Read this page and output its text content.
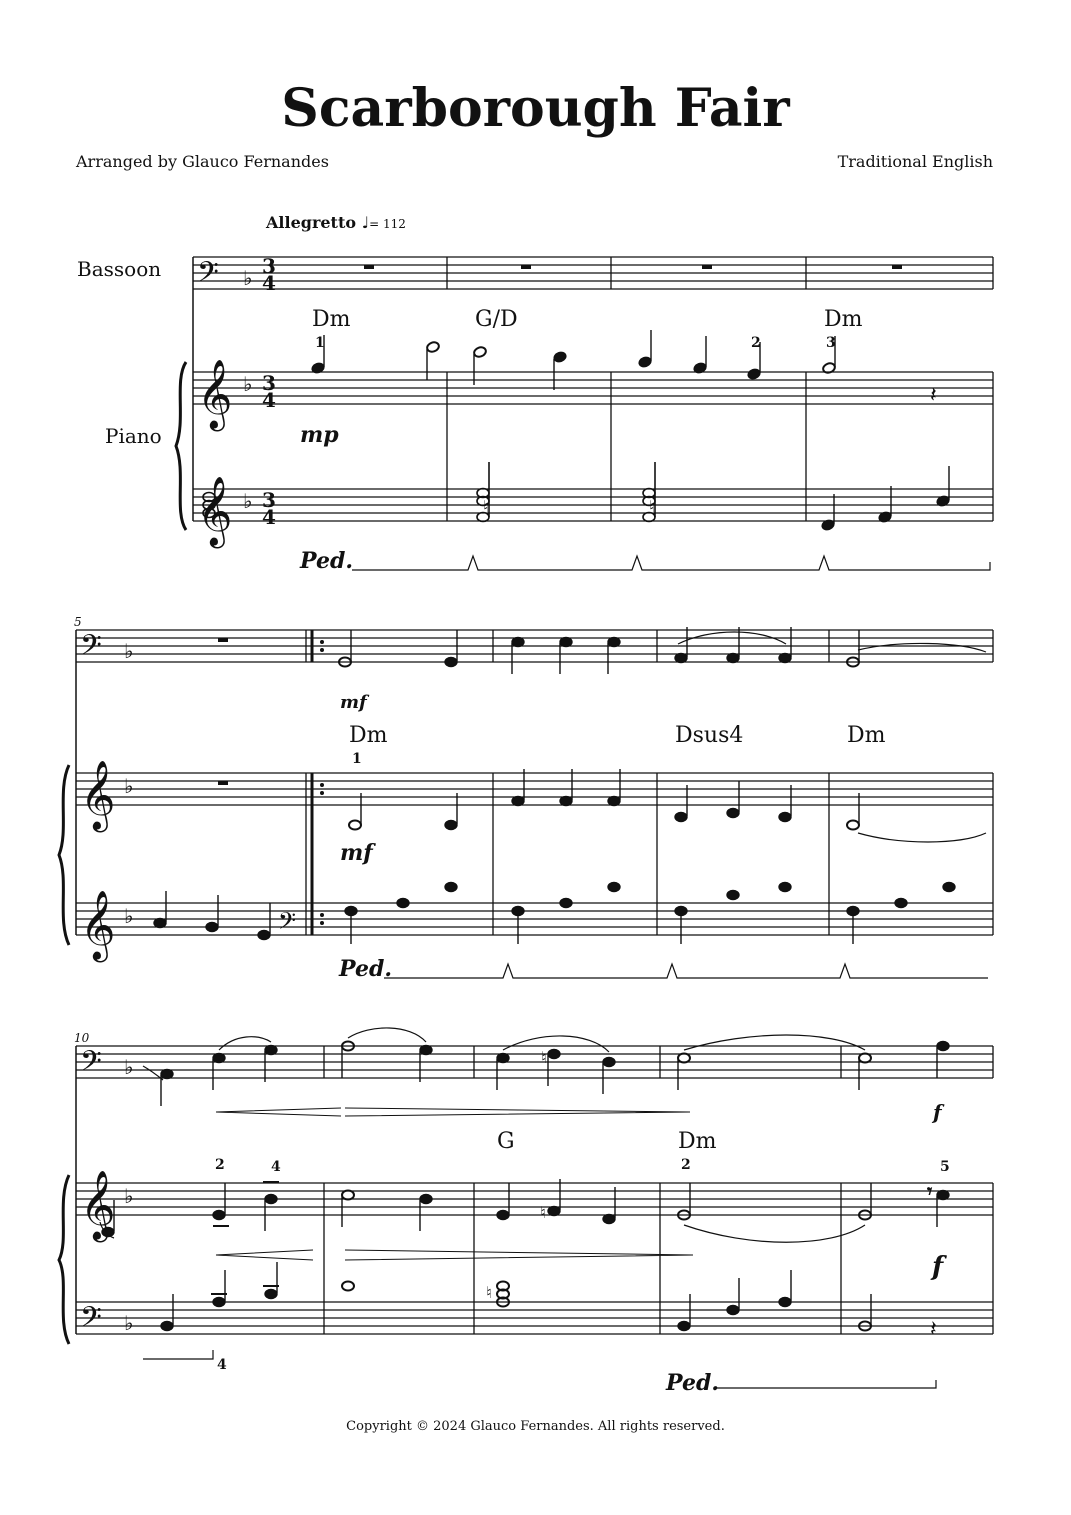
Scarborough Fair
Arranged by Glauco Fernandes	Traditional English
Allegretto ♩= 112
Bassoon
Piano
Copyright © 2024 Glauco Fernandes. All rights reserved.
𝄢 ♭ 3
4
𝄞 ♭ 3
4
𝄞 ♭ 3
4
𝄢 ♭
𝄞 ♭
𝄞 ♭	𝄢
𝄢 ♭
𝄞 ♭
𝄢 ♭
♮	♮
♮
♮
♮
𝄾
𝄽
𝄽
Dm	G/D	Dm
Dm	Dsus4	Dm
G	Dm
1	2	3
1
2	4	2	5
4
mp
mf
mf
f
f
Ped.
Ped.
Ped.
5
10
